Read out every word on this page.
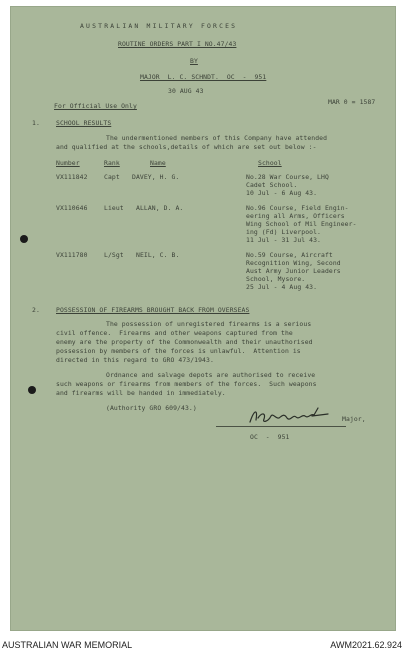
AUSTRALIAN MILITARY FORCES
ROUTINE ORDERS PART I NO.47/43
BY
MAJOR  L. C. SCHNDT.  OC  -  951
30 AUG 43
For Official Use Only	MAR 0 = 1587
1.	SCHOOL RESULTS
The undermentioned members of this Company have attended
and qualified at the schools,details of which are set out below :-
Number	Rank	Name	School
VX111842	Capt DAVEY, H. G.	No.28 War Course, LHQ
Cadet School.
10 Jul - 6 Aug 43.
VX110646	Lieut ALLAN, D. A.	No.96 Course, Field Engin-
eering all Arms, Officers
Wing School of Mil Engineer-
ing (Fd) Liverpool.
11 Jul - 31 Jul 43.
VX111780	L/Sgt NEIL, C. B.	No.59 Course, Aircraft
Recognition Wing, Second
Aust Army Junior Leaders
School, Mysore.
25 Jul - 4 Aug 43.
2.	POSSESSION OF FIREARMS BROUGHT BACK FROM OVERSEAS
The possession of unregistered firearms is a serious
civil offence.  Firearms and other weapons captured from the
enemy are the property of the Commonwealth and their unauthorised
possession by members of the forces is unlawful.  Attention is
directed in this regard to GRO 473/1943.
Ordnance and salvage depots are authorised to receive
such weapons or firearms from members of the forces.  Such weapons
and firearms will be handed in immediately.
(Authority GRO 609/43.)
Major,
OC  -  951
AUSTRALIAN WAR MEMORIAL	AWM2021.62.924
